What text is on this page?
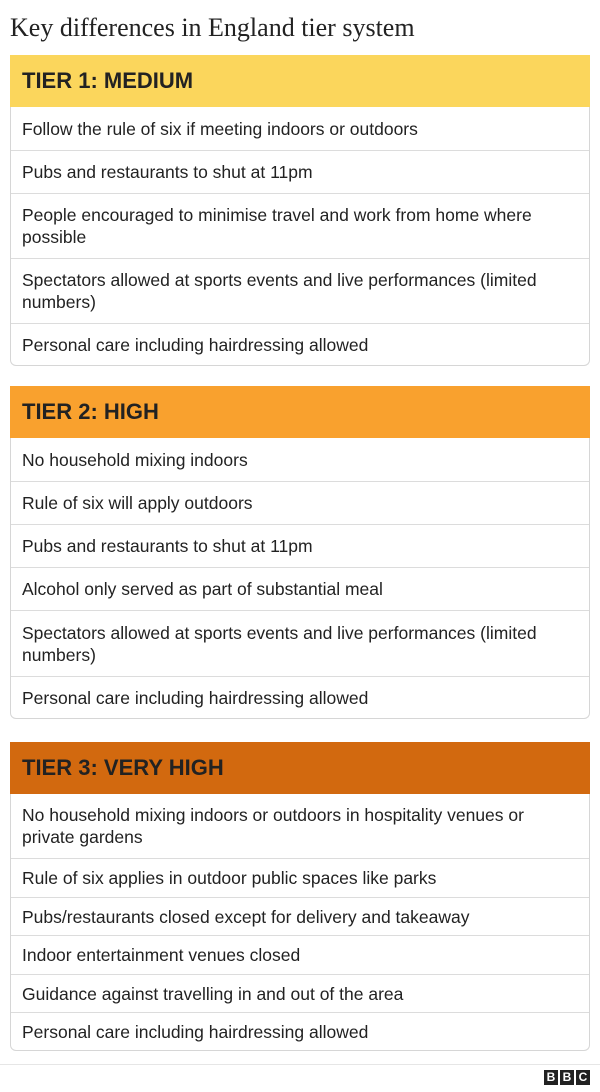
Key differences in England tier system
TIER 1: MEDIUM
Follow the rule of six if meeting indoors or outdoors
Pubs and restaurants to shut at 11pm
People encouraged to minimise travel and work from home where possible
Spectators allowed at sports events and live performances (limited numbers)
Personal care including hairdressing allowed
TIER 2: HIGH
No household mixing indoors
Rule of six will apply outdoors
Pubs and restaurants to shut at 11pm
Alcohol only served as part of substantial meal
Spectators allowed at sports events and live performances (limited numbers)
Personal care including hairdressing allowed
TIER 3: VERY HIGH
No household mixing indoors or outdoors in hospitality venues or private gardens
Rule of six applies in outdoor public spaces like parks
Pubs/restaurants closed except for delivery and takeaway
Indoor entertainment venues closed
Guidance against travelling in and out of the area
Personal care including hairdressing allowed
B B C
